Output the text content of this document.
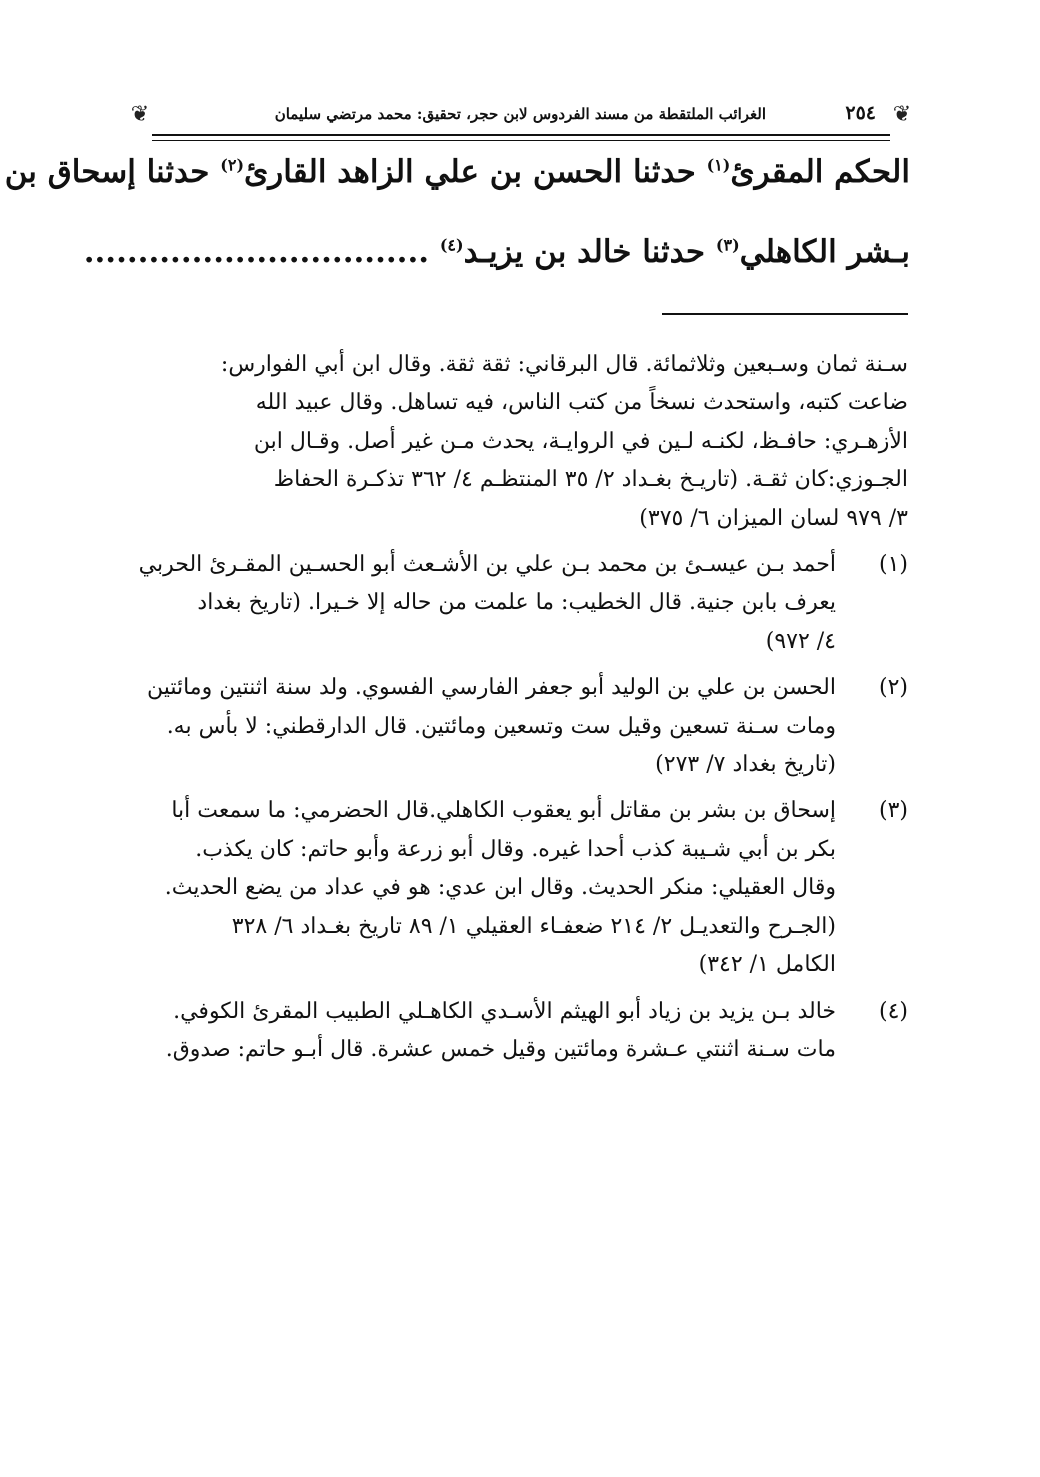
❦
٢٥٤
الغرائب الملتقطة من مسند الفردوس لابن حجر، تحقيق: محمد مرتضي سليمان
❦
الحكم المقرئ$^{(١)}$ حدثنا الحسن بن علي الزاهد القارئ$^{(٢)}$ حدثنا إسحاق بن
بـشر الكاهلي$^{(٣)}$ حدثنا خالد بن يزيـد$^{(٤)}$ ................................

سـنة ثمان وسـبعين وثلاثمائة. قال البرقاني: ثقة ثقة. وقال ابن أبي الفوارس:

ضاعت كتبه، واستحدث نسخاً من كتب الناس، فيه تساهل. وقال عبيد الله

الأزهـري: حافـظ، لكنـه لـين في الروايـة، يحدث مـن غير أصل. وقـال ابن

الجـوزي:كان ثقـة. (تاريـخ بغـداد ٢/ ٣٥ المنتظـم ٤/ ٣٦٢ تذكـرة الحفاظ

٣/ ٩٧٩ لسان الميزان ٦/ ٣٧٥)

(١)

أحمد بـن عيسـئ بن محمد بـن علي بن الأشـعث أبو الحسـين المقـرئ الحربي

يعرف بابن جنية. قال الخطيب: ما علمت من حاله إلا خـيرا. (تاريخ بغداد

٤/ ٩٧٢)

(٢)

الحسن بن علي بن الوليد أبو جعفر الفارسي الفسوي. ولد سنة اثنتين ومائتين

ومات سـنة تسعين وقيل ست وتسعين ومائتين. قال الدارقطني: لا بأس به.

(تاريخ بغداد ٧/ ٢٧٣)

(٣)

إسحاق بن بشر بن مقاتل أبو يعقوب الكاهلي.قال الحضرمي: ما سمعت أبا

بكر بن أبي شـيبة كذب أحدا غيره. وقال أبو زرعة وأبو حاتم: كان يكذب.

وقال العقيلي: منكر الحديث. وقال ابن عدي: هو في عداد من يضع الحديث.

(الجـرح والتعديـل ٢/ ٢١٤ ضعفـاء العقيلي ١/ ٨٩ تاريخ بغـداد ٦/ ٣٢٨

الكامل ١/ ٣٤٢)

(٤)

خالد بـن يزيد بن زياد أبو الهيثم الأسـدي الكاهـلي الطبيب المقرئ الكوفي.

مات سـنة اثنتي عـشرة ومائتين وقيل خمس عشرة. قال أبـو حاتم: صدوق.
